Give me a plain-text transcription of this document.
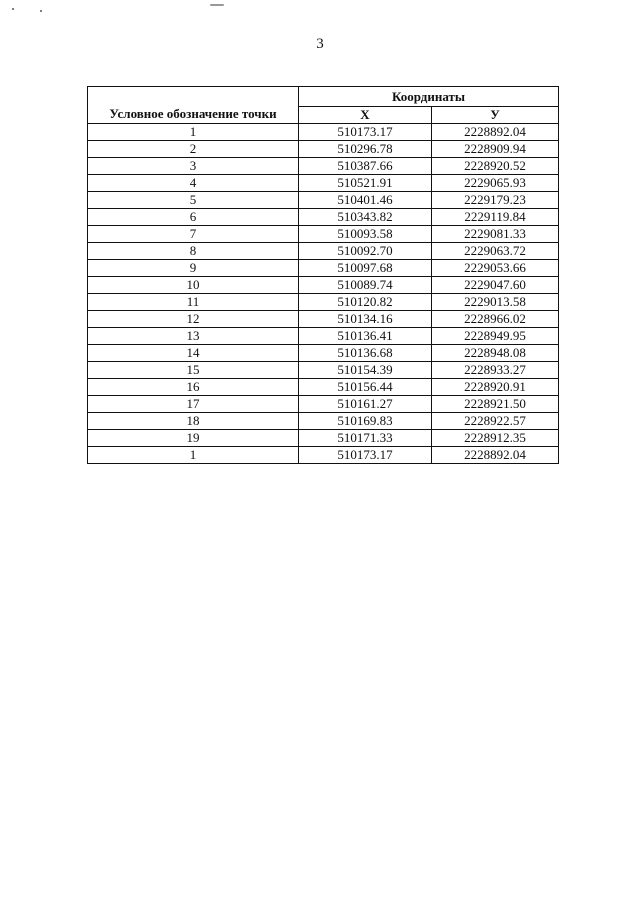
3
Условное обозначение точки	Координаты	
	Х	У
1	510173.17	2228892.04
2	510296.78	2228909.94
3	510387.66	2228920.52
4	510521.91	2229065.93
5	510401.46	2229179.23
6	510343.82	2229119.84
7	510093.58	2229081.33
8	510092.70	2229063.72
9	510097.68	2229053.66
10	510089.74	2229047.60
11	510120.82	2229013.58
12	510134.16	2228966.02
13	510136.41	2228949.95
14	510136.68	2228948.08
15	510154.39	2228933.27
16	510156.44	2228920.91
17	510161.27	2228921.50
18	510169.83	2228922.57
19	510171.33	2228912.35
1	510173.17	2228892.04
